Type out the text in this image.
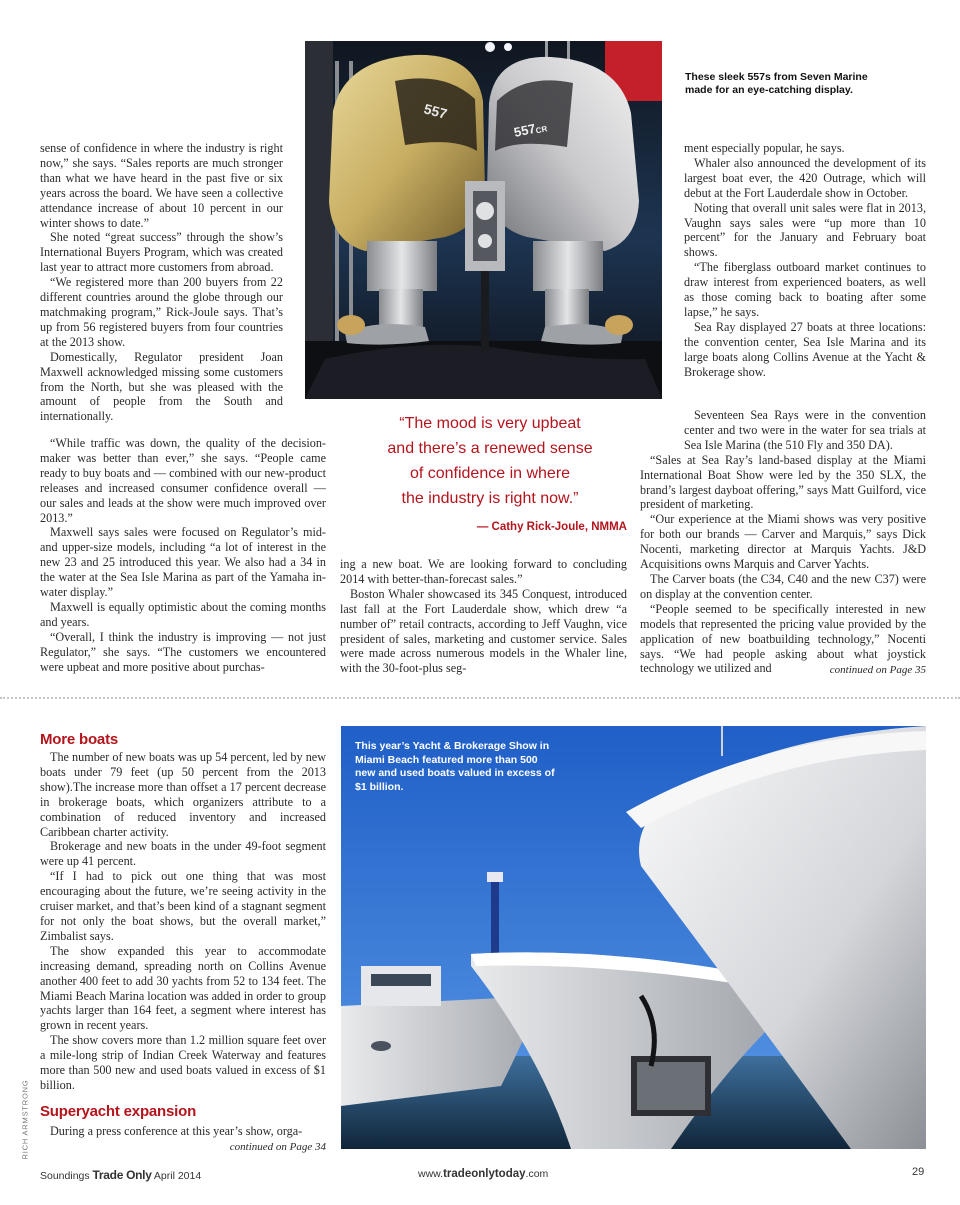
557
557CR
These sleek 557s from Seven Marine made for an eye-catching display.

sense of confidence in where the industry is right now,” she says. “Sales reports are much stronger than what we have heard in the past five or six years across the board. We have seen a collective attendance increase of about 10 percent in our winter shows to date.”

She noted “great success” through the show’s International Buyers Program, which was created last year to attract more customers from abroad.

“We registered more than 200 buyers from 22 different countries around the globe through our matchmaking program,” Rick-Joule says. That’s up from 56 registered buyers from four countries at the 2013 show.

Domestically, Regulator president Joan Maxwell acknowledged missing some customers from the North, but she was pleased with the amount of people from the South and internationally.

“While traffic was down, the quality of the decision-maker was better than ever,” she says. “People came ready to buy boats and — combined with our new-product releases and increased consumer confidence overall — our sales and leads at the show were much improved over 2013.”

Maxwell says sales were focused on Regulator’s mid- and upper-size models, including “a lot of interest in the new 23 and 25 introduced this year. We also had a 34 in the water at the Sea Isle Marina as part of the Yamaha in-water display.”

Maxwell is equally optimistic about the coming months and years.

“Overall, I think the industry is improving — not just Regulator,” she says. “The customers we encountered were upbeat and more positive about purchas-

“The mood is very upbeat
and there’s a renewed sense
of confidence in where
the industry is right now.”
— Cathy Rick-Joule, NMMA

ing a new boat. We are looking forward to concluding 2014 with better-than-forecast sales.”

Boston Whaler showcased its 345 Conquest, introduced last fall at the Fort Lauderdale show, which drew “a number of” retail contracts, according to Jeff Vaughn, vice president of sales, marketing and customer service. Sales were made across numerous models in the Whaler line, with the 30-foot-plus seg-

ment especially popular, he says.

Whaler also announced the development of its largest boat ever, the 420 Outrage, which will debut at the Fort Lauderdale show in October.

Noting that overall unit sales were flat in 2013, Vaughn says sales were “up more than 10 percent” for the January and February boat shows.

“The fiberglass outboard market continues to draw interest from experienced boaters, as well as those coming back to boating after some lapse,” he says.

Sea Ray displayed 27 boats at three locations: the convention center, Sea Isle Marina and its large boats along Collins Avenue at the Yacht & Brokerage show.

Seventeen Sea Rays were in the convention center and two were in the water for sea trials at Sea Isle Marina (the 510 Fly and 350 DA).

“Sales at Sea Ray’s land-based display at the Miami International Boat Show were led by the 350 SLX, the brand’s largest dayboat offering,” says Matt Guilford, vice president of marketing.

“Our experience at the Miami shows was very positive for both our brands — Carver and Marquis,” says Dick Nocenti, marketing director at Marquis Yachts. J&D Acquisitions owns Marquis and Carver Yachts.

The Carver boats (the C34, C40 and the new C37) were on display at the convention center.

“People seemed to be specifically interested in new models that represented the pricing value provided by the application of new boatbuilding technology,” Nocenti says. “We had people asking about what joystick technology we utilized and	continued on Page 35
More boats

The number of new boats was up 54 percent, led by new boats under 79 feet (up 50 percent from the 2013 show).The increase more than offset a 17 percent decrease in brokerage boats, which organizers attribute to a combination of reduced inventory and increased Caribbean charter activity.

Brokerage and new boats in the under 49-foot segment were up 41 percent.

“If I had to pick out one thing that was most encouraging about the future, we’re seeing activity in the cruiser market, and that’s been kind of a stagnant segment for not only the boat shows, but the overall market,” Zimbalist says.

The show expanded this year to accommodate increasing demand, spreading north on Collins Avenue another 400 feet to add 30 yachts from 52 to 134 feet. The Miami Beach Marina location was added in order to group yachts larger than 164 feet, a segment where interest has grown in recent years.

The show covers more than 1.2 million square feet over a mile-long strip of Indian Creek Waterway and features more than 500 new and used boats valued in excess of $1 billion.

Superyacht expansion

During a press conference at this year’s show, orga-

continued on Page 34
RICH ARMSTRONG
This year’s Yacht & Brokerage Show in Miami Beach featured more than 500 new and used boats valued in excess of $1 billion.
Soundings Trade Only April 2014	www.tradeonlytoday.com	29
